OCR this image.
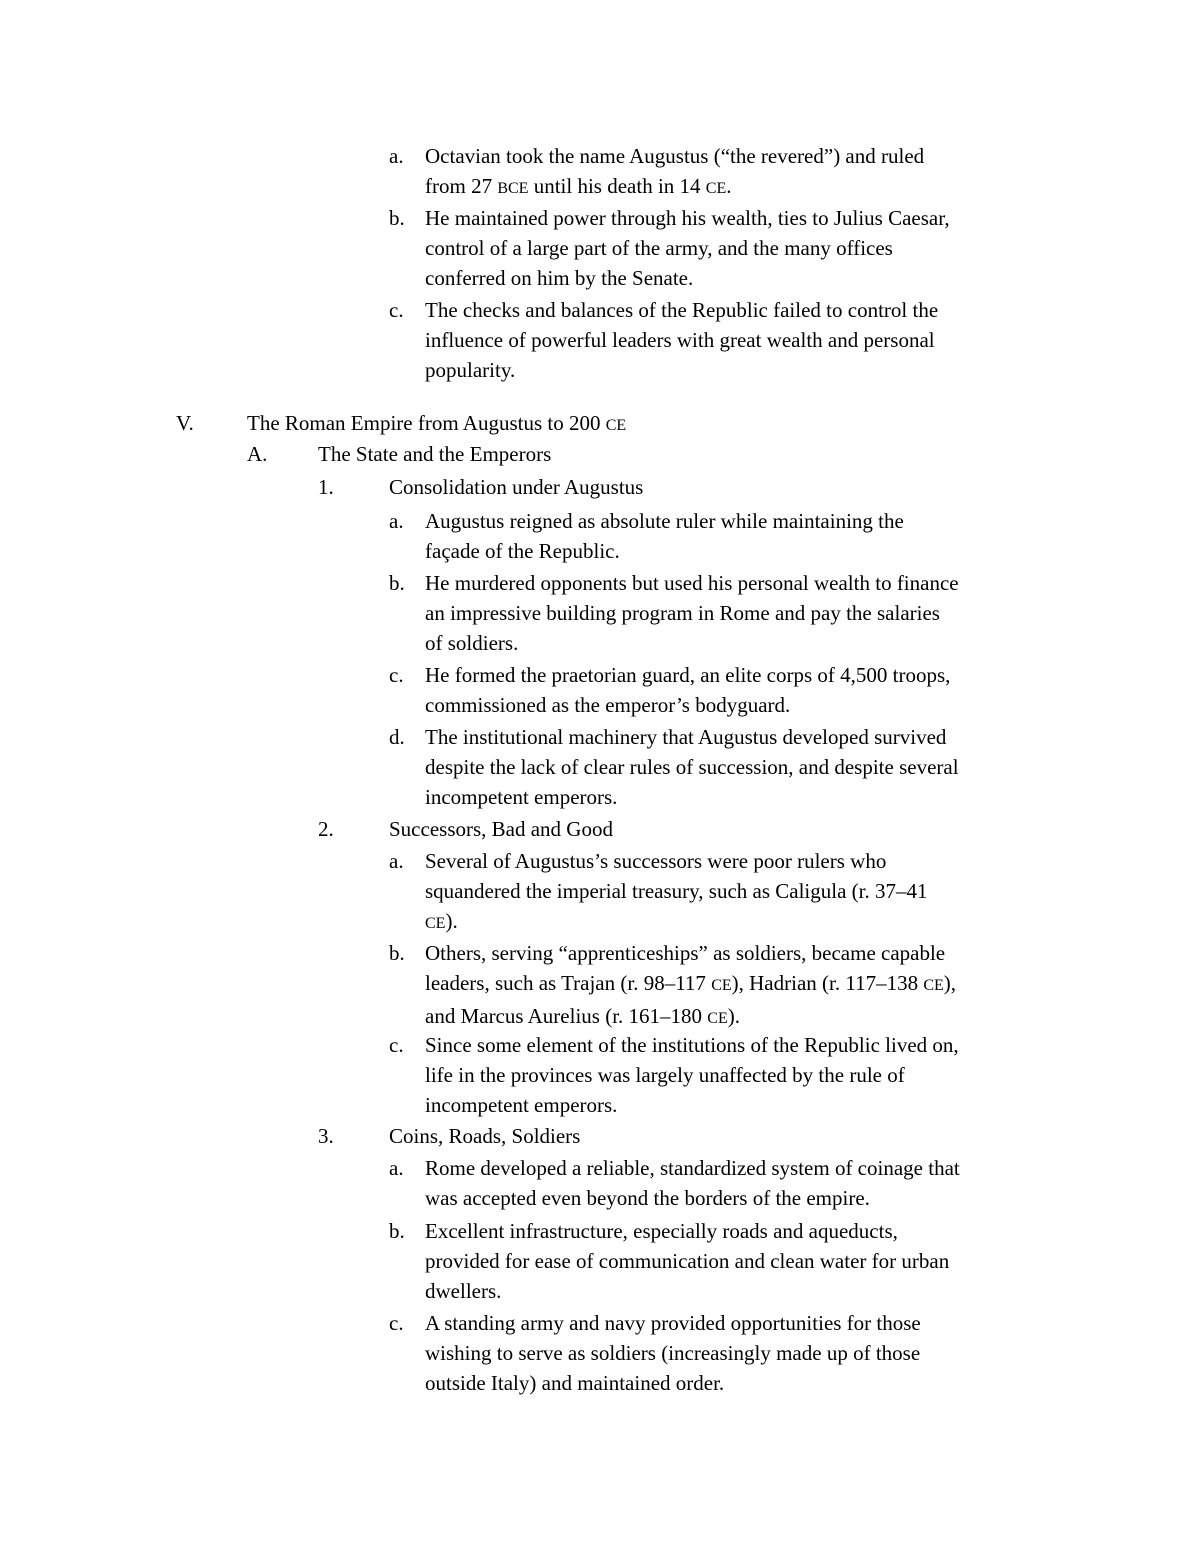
a. Octavian took the name Augustus (“the revered”) and ruled
from 27 BCE until his death in 14 CE.
b. He maintained power through his wealth, ties to Julius Caesar,
control of a large part of the army, and the many offices
conferred on him by the Senate.
c. The checks and balances of the Republic failed to control the
influence of powerful leaders with great wealth and personal
popularity.
V.	The Roman Empire from Augustus to 200 CE
A. The State and the Emperors
1.	Consolidation under Augustus
a. Augustus reigned as absolute ruler while maintaining the
façade of the Republic.
b. He murdered opponents but used his personal wealth to finance
an impressive building program in Rome and pay the salaries
of soldiers.
c. He formed the praetorian guard, an elite corps of 4,500 troops,
commissioned as the emperor’s bodyguard.
d. The institutional machinery that Augustus developed survived
despite the lack of clear rules of succession, and despite several
incompetent emperors.
2.	Successors, Bad and Good
a. Several of Augustus’s successors were poor rulers who
squandered the imperial treasury, such as Caligula (r. 37–41
CE).
b. Others, serving “apprenticeships” as soldiers, became capable
leaders, such as Trajan (r. 98–117 CE), Hadrian (r. 117–138 CE),
and Marcus Aurelius (r. 161–180 CE).
c. Since some element of the institutions of the Republic lived on,
life in the provinces was largely unaffected by the rule of
incompetent emperors.
3.	Coins, Roads, Soldiers
a. Rome developed a reliable, standardized system of coinage that
was accepted even beyond the borders of the empire.
b. Excellent infrastructure, especially roads and aqueducts,
provided for ease of communication and clean water for urban
dwellers.
c. A standing army and navy provided opportunities for those
wishing to serve as soldiers (increasingly made up of those
outside Italy) and maintained order.
